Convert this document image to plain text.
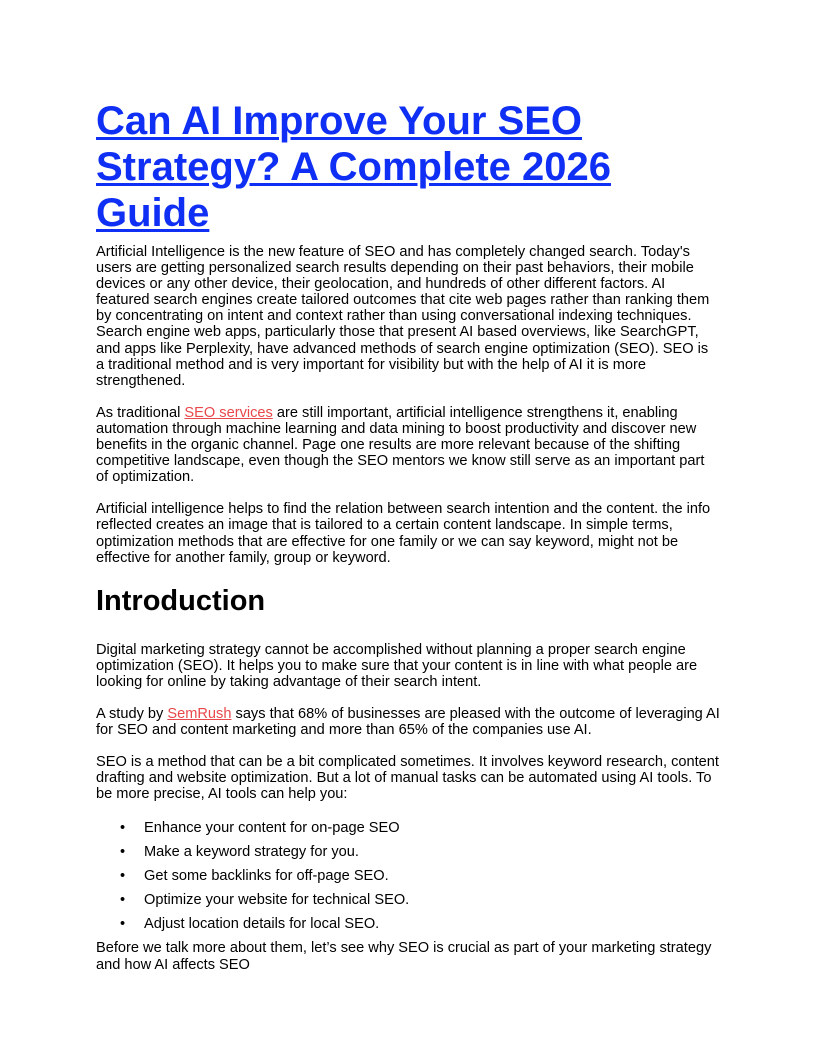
Can AI Improve Your SEO Strategy? A Complete 2026 Guide

Artificial Intelligence is the new feature of SEO and has completely changed search. Today's users are getting personalized search results depending on their past behaviors, their mobile devices or any other device, their geolocation, and hundreds of other different factors. AI featured search engines create tailored outcomes that cite web pages rather than ranking them by concentrating on intent and context rather than using conversational indexing techniques. Search engine web apps, particularly those that present AI based overviews, like SearchGPT, and apps like Perplexity, have advanced methods of search engine optimization (SEO). SEO is a traditional method and is very important for visibility but with the help of AI it is more strengthened.

As traditional SEO services are still important, artificial intelligence strengthens it, enabling automation through machine learning and data mining to boost productivity and discover new benefits in the organic channel. Page one results are more relevant because of the shifting competitive landscape, even though the SEO mentors we know still serve as an important part of optimization.

Artificial intelligence helps to find the relation between search intention and the content. the info reflected creates an image that is tailored to a certain content landscape. In simple terms, optimization methods that are effective for one family or we can say keyword, might not be effective for another family, group or keyword.

Introduction

Digital marketing strategy cannot be accomplished without planning a proper search engine optimization (SEO). It helps you to make sure that your content is in line with what people are looking for online by taking advantage of their search intent.

A study by SemRush says that 68% of businesses are pleased with the outcome of leveraging AI for SEO and content marketing and more than 65% of the companies use AI.

SEO is a method that can be a bit complicated sometimes. It involves keyword research, content drafting and website optimization. But a lot of manual tasks can be automated using AI tools. To be more precise, AI tools can help you:

• Enhance your content for on-page SEO
• Make a keyword strategy for you.
• Get some backlinks for off-page SEO.
• Optimize your website for technical SEO.
• Adjust location details for local SEO.

Before we talk more about them, let’s see why SEO is crucial as part of your marketing strategy and how AI affects SEO
